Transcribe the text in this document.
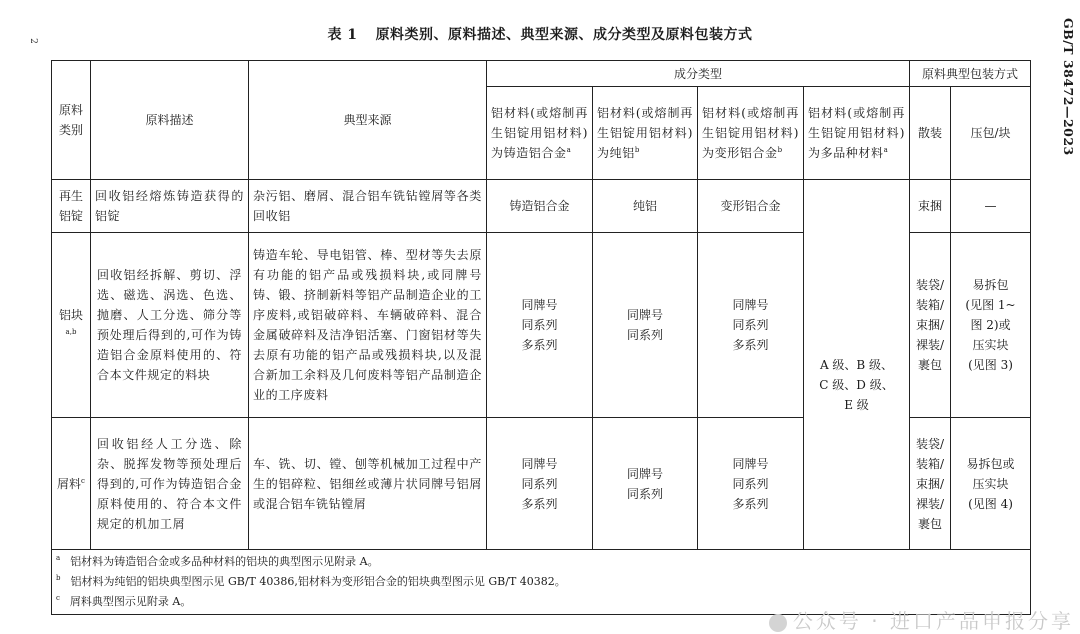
2	GB/T 38472—2023
表 1 原料类别、原料描述、典型来源、成分类型及原料包装方式
原料
类别	原料描述	典型来源	成分类型				原料典型包装方式	
			铝材料(或熔制再生铝锭用铝材料)为铸造铝合金$^a$	铝材料(或熔制再生铝锭用铝材料)为纯铝$^b$	铝材料(或熔制再生铝锭用铝材料)为变形铝合金$^b$	铝材料(或熔制再生铝锭用铝材料)为多品种材料$^a$	散装	压包/块
再生
铝锭	回收铝经熔炼铸造获得的铝锭	杂污铝、磨屑、混合铝车铣钻镗屑等各类回收铝	铸造铝合金	纯铝	变形铝合金	A 级、B 级、
C 级、D 级、
E 级	束捆	—
铝块$^{a,b}$	回收铝经拆解、剪切、浮选、磁选、涡选、色选、抛磨、人工分选、筛分等预处理后得到的,可作为铸造铝合金原料使用的、符合本文件规定的料块	铸造车轮、导电铝管、棒、型材等失去原有功能的铝产品或残损料块,或同牌号铸、锻、挤制新料等铝产品制造企业的工序废料,或铝破碎料、车辆破碎料、混合金属破碎料及洁净铝活塞、门窗铝材等失去原有功能的铝产品或残损料块,以及混合新加工余料及几何废料等铝产品制造企业的工序废料	同牌号
同系列
多系列	同牌号
同系列	同牌号
同系列
多系列		装袋/
装箱/
束捆/
裸装/
裹包	易拆包
(见图 1~
图 2)或
压实块
(见图 3)
屑料$^c$	回收铝经人工分选、除杂、脱挥发物等预处理后得到的,可作为铸造铝合金原料使用的、符合本文件规定的机加工屑	车、铣、切、镗、刨等机械加工过程中产生的铝碎粒、铝细丝或薄片状同牌号铝屑或混合铝车铣钻镗屑	同牌号
同系列
多系列	同牌号
同系列	同牌号
同系列
多系列		装袋/
装箱/
束捆/
裸装/
裹包	易拆包或
压实块
(见图 4)

$^a$ 铝材料为铸造铝合金或多品种材料的铝块的典型图示见附录 A。
$^b$ 铝材料为纯铝的铝块典型图示见 GB/T 40386,铝材料为变形铝合金的铝块典型图示见 GB/T 40382。
$^c$ 屑料典型图示见附录 A。								
公众号 · 进口产品申报分享
